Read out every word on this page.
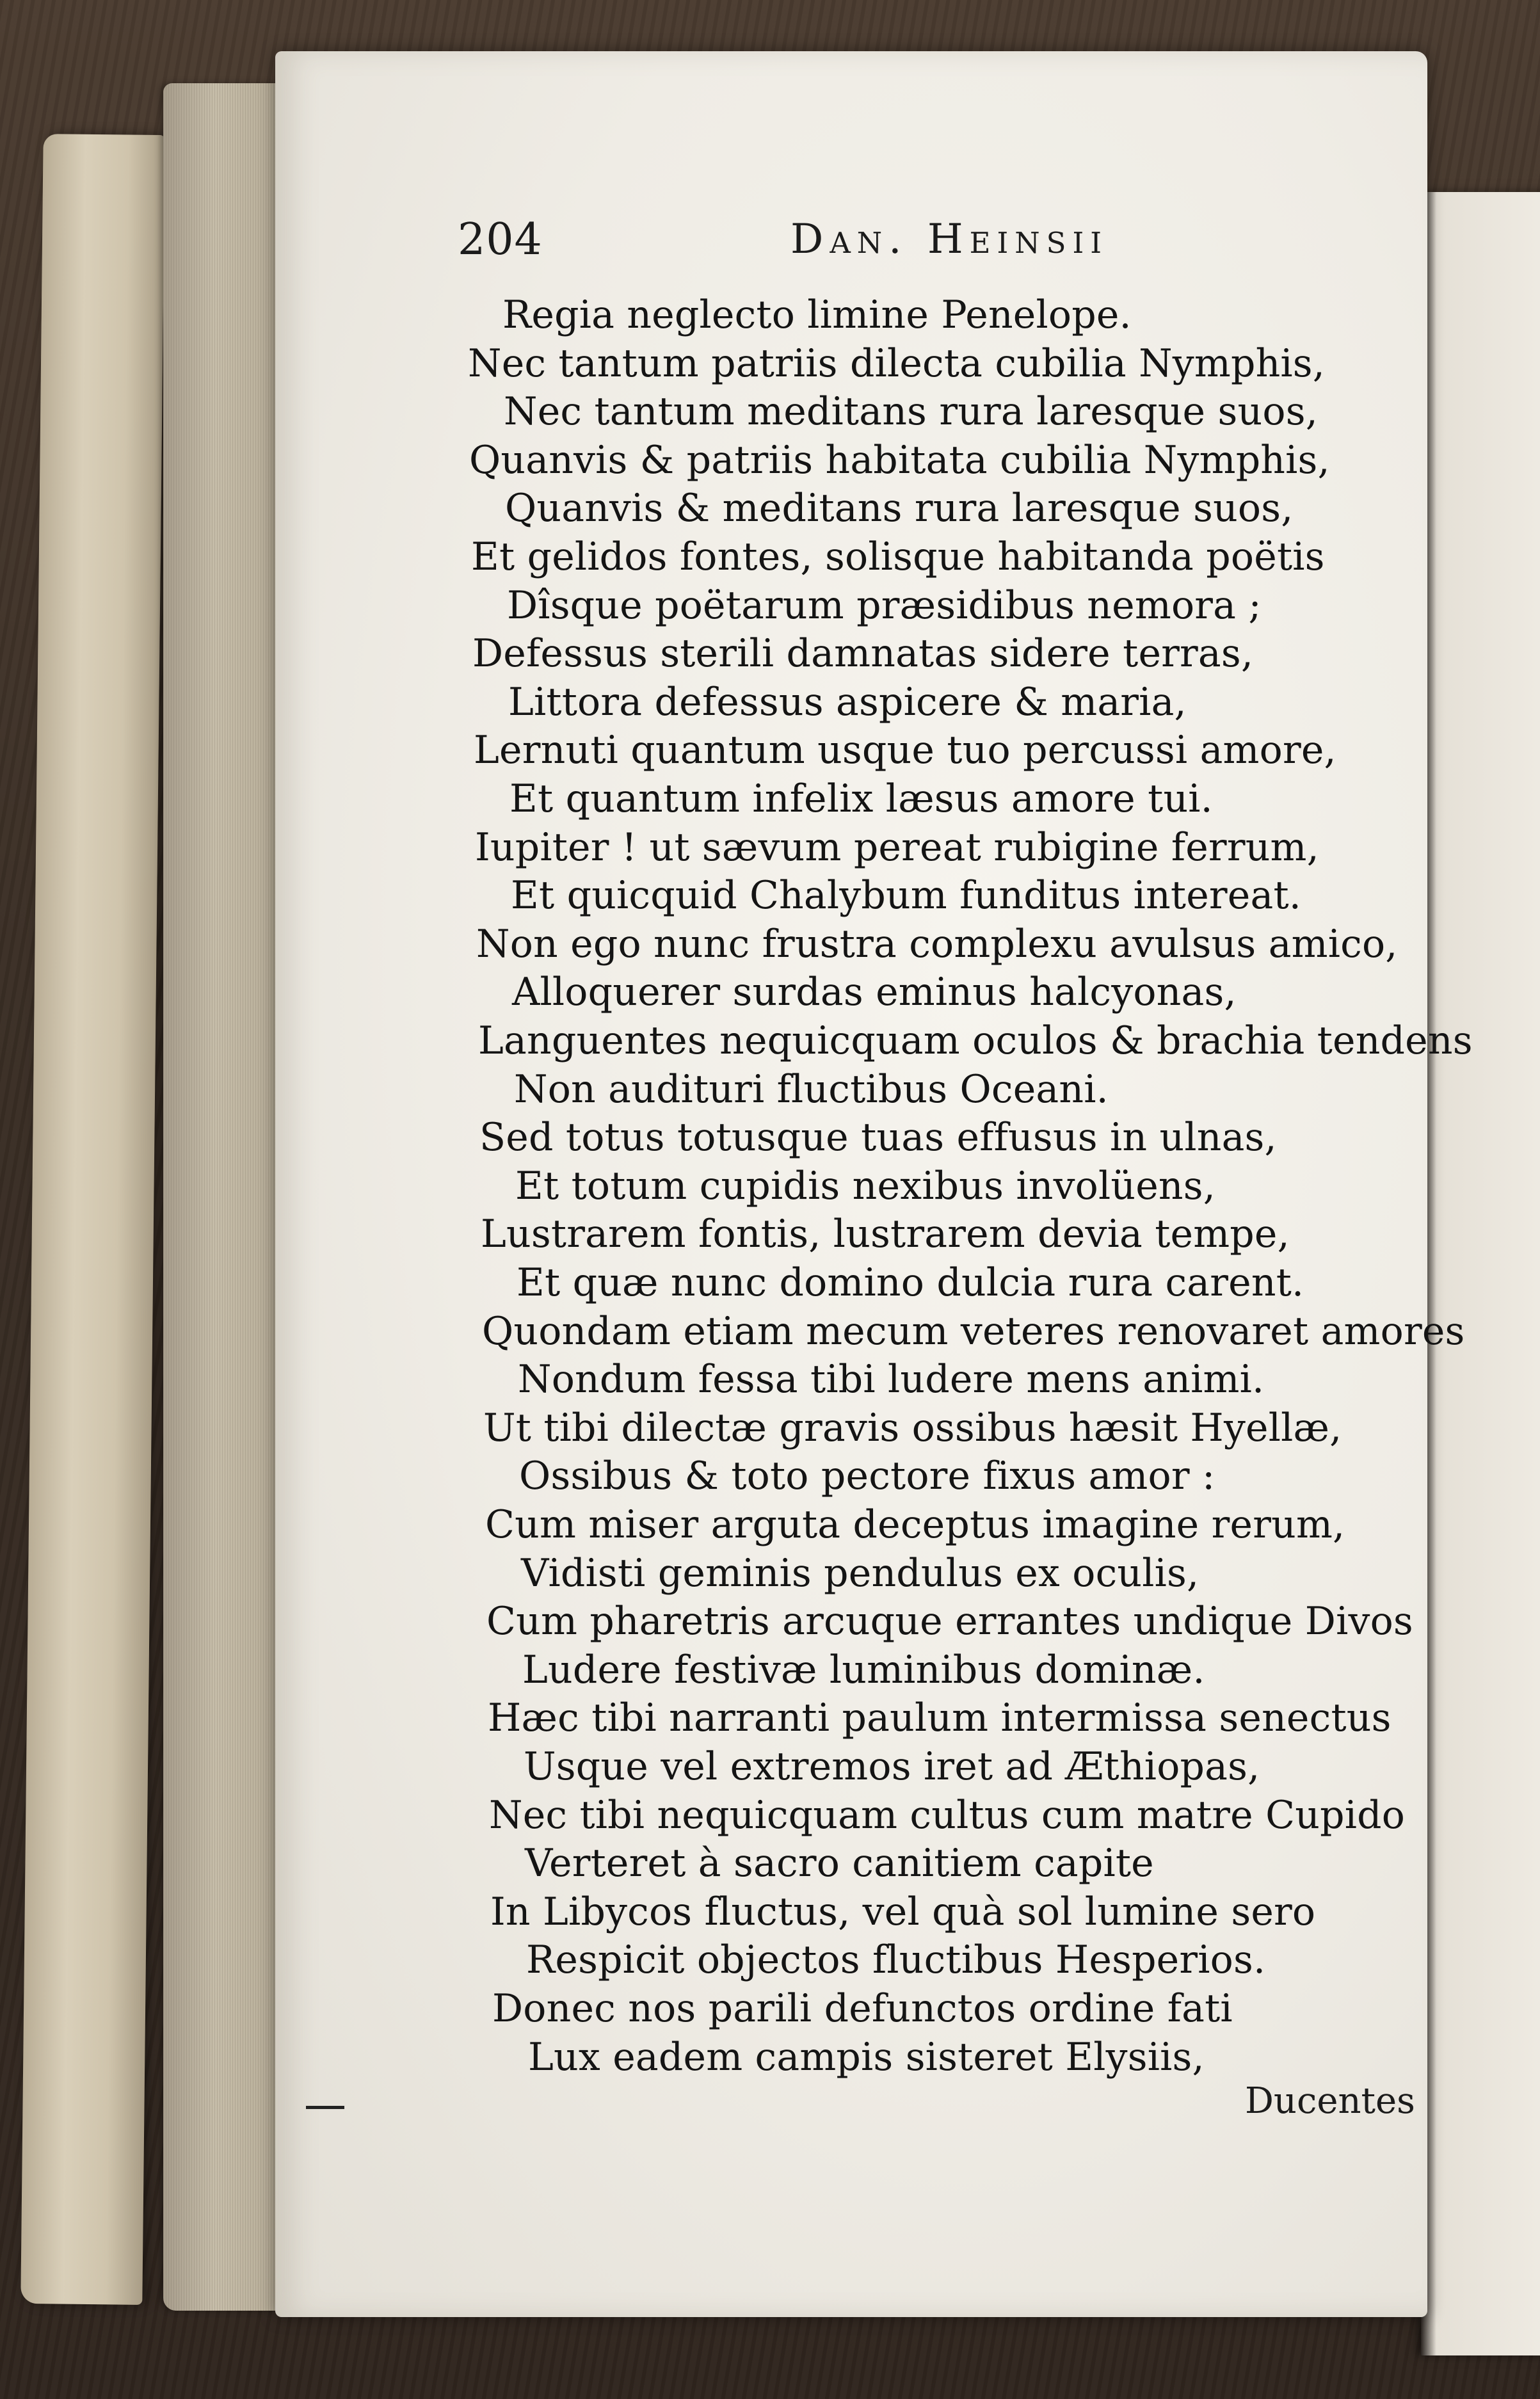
204	Dan. Heinsii
Regia neglecto limine Penelope.
Nec tantum patriis dilecta cubilia Nymphis,
Nec tantum meditans rura laresque suos,
Quanvis & patriis habitata cubilia Nymphis,
Quanvis & meditans rura laresque suos,
Et gelidos fontes, solisque habitanda poëtis
Dîsque poëtarum præsidibus nemora ;
Defessus sterili damnatas sidere terras,
Littora defessus aspicere & maria,
Lernuti quantum usque tuo percussi amore,
Et quantum infelix læsus amore tui.
Iupiter ! ut sævum pereat rubigine ferrum,
Et quicquid Chalybum funditus intereat.
Non ego nunc frustra complexu avulsus amico,
Alloquerer surdas eminus halcyonas,
Languentes nequicquam oculos & brachia tendens
Non audituri fluctibus Oceani.
Sed totus totusque tuas effusus in ulnas,
Et totum cupidis nexibus involüens,
Lustrarem fontis, lustrarem devia tempe,
Et quæ nunc domino dulcia rura carent.
Quondam etiam mecum veteres renovaret amores
Nondum fessa tibi ludere mens animi.
Ut tibi dilectæ gravis ossibus hæsit Hyellæ,
Ossibus & toto pectore fixus amor :
Cum miser arguta deceptus imagine rerum,
Vidisti geminis pendulus ex oculis,
Cum pharetris arcuque errantes undique Divos
Ludere festivæ luminibus dominæ.
Hæc tibi narranti paulum intermissa senectus
Usque vel extremos iret ad Æthiopas,
Nec tibi nequicquam cultus cum matre Cupido
Verteret à sacro canitiem capite
In Libycos fluctus, vel quà sol lumine sero
Respicit objectos fluctibus Hesperios.
Donec nos parili defunctos ordine fati
Lux eadem campis sisteret Elysiis,
Ducentes
